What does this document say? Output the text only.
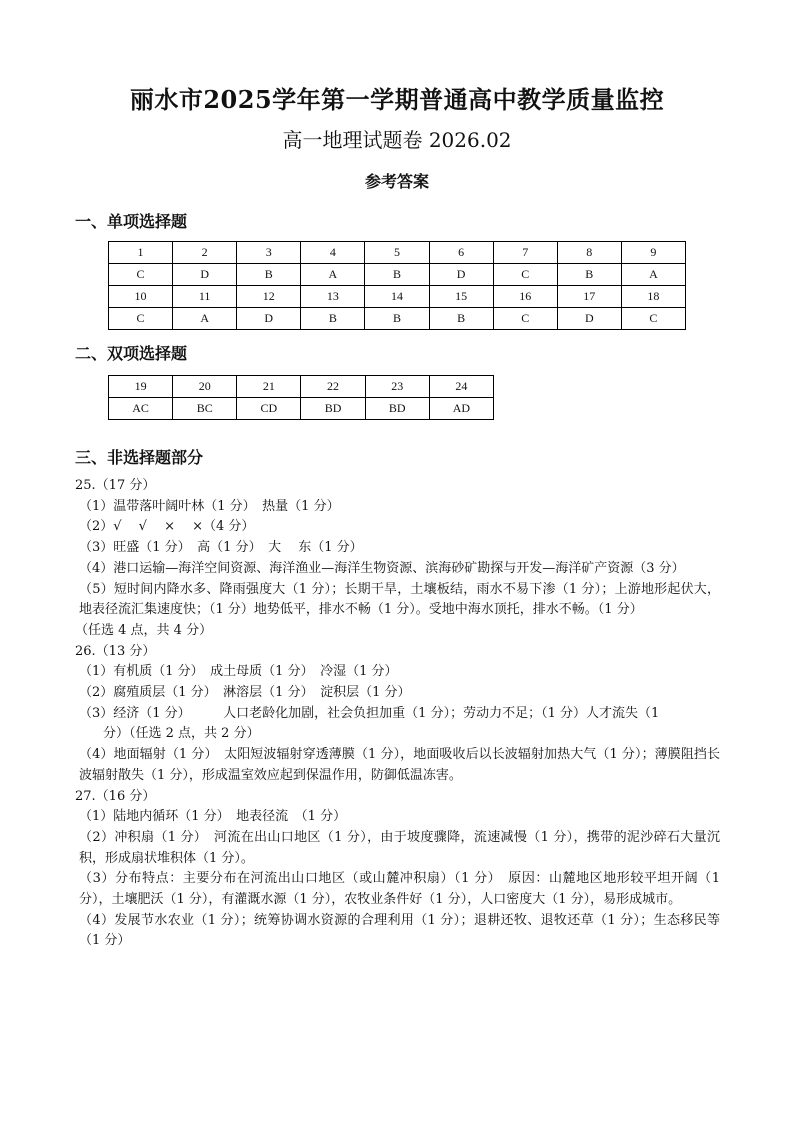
丽水市2025学年第一学期普通高中教学质量监控
高一地理试题卷 2026.02
参考答案
一、单项选择题
1	2	3	4	5	6	7	8	9
C	D	B	A	B	D	C	B	A
10	11	12	13	14	15	16	17	18
C	A	D	B	B	B	C	D	C
二、双项选择题
19	20	21	22	23	24
AC	BC	CD	BD	BD	AD
三、非选择题部分
25.（17 分）
（1）温带落叶阔叶林（1 分）　热量（1 分）
（2）√　 √　 ×　 ×（4 分）
（3）旺盛（1 分）　高（1 分）　大　 东（1 分）
（4）港口运输—海洋空间资源、海洋渔业—海洋生物资源、滨海砂矿勘探与开发—海洋矿产资源（3 分）
（5）短时间内降水多、降雨强度大（1 分）；长期干旱，土壤板结，雨水不易下渗（1 分）；上游地形起伏大，地表径流汇集速度快；（1 分）地势低平，排水不畅（1 分）。受地中海水顶托，排水不畅。（1 分）
（任选 4 点，共 4 分）
26.（13 分）
（1）有机质（1 分）　成土母质（1 分）　冷湿（1 分）
（2）腐殖质层（1 分）　淋溶层（1 分）　淀积层（1 分）
（3）经济（1 分）　　　人口老龄化加剧，社会负担加重（1 分）；劳动力不足；（1 分）人才流失（1
分）（任选 2 点，共 2 分）
（4）地面辐射（1 分）　太阳短波辐射穿透薄膜（1 分），地面吸收后以长波辐射加热大气（1 分）；薄膜阻挡长波辐射散失（1 分），形成温室效应起到保温作用，防御低温冻害。
27.（16 分）
（1）陆地内循环（1 分）　地表径流　（1 分）
（2）冲积扇（1 分）　河流在出山口地区（1 分），由于坡度骤降，流速减慢（1 分），携带的泥沙碎石大量沉积，形成扇状堆积体（1 分）。
（3）分布特点：主要分布在河流出山口地区（或山麓冲积扇）（1 分）　原因：山麓地区地形较平坦开阔（1 分），土壤肥沃（1 分），有灌溉水源（1 分），农牧业条件好（1 分），人口密度大（1 分），易形成城市。
（4）发展节水农业（1 分）；统筹协调水资源的合理利用（1 分）；退耕还牧、退牧还草（1 分）；生态移民等（1 分）
